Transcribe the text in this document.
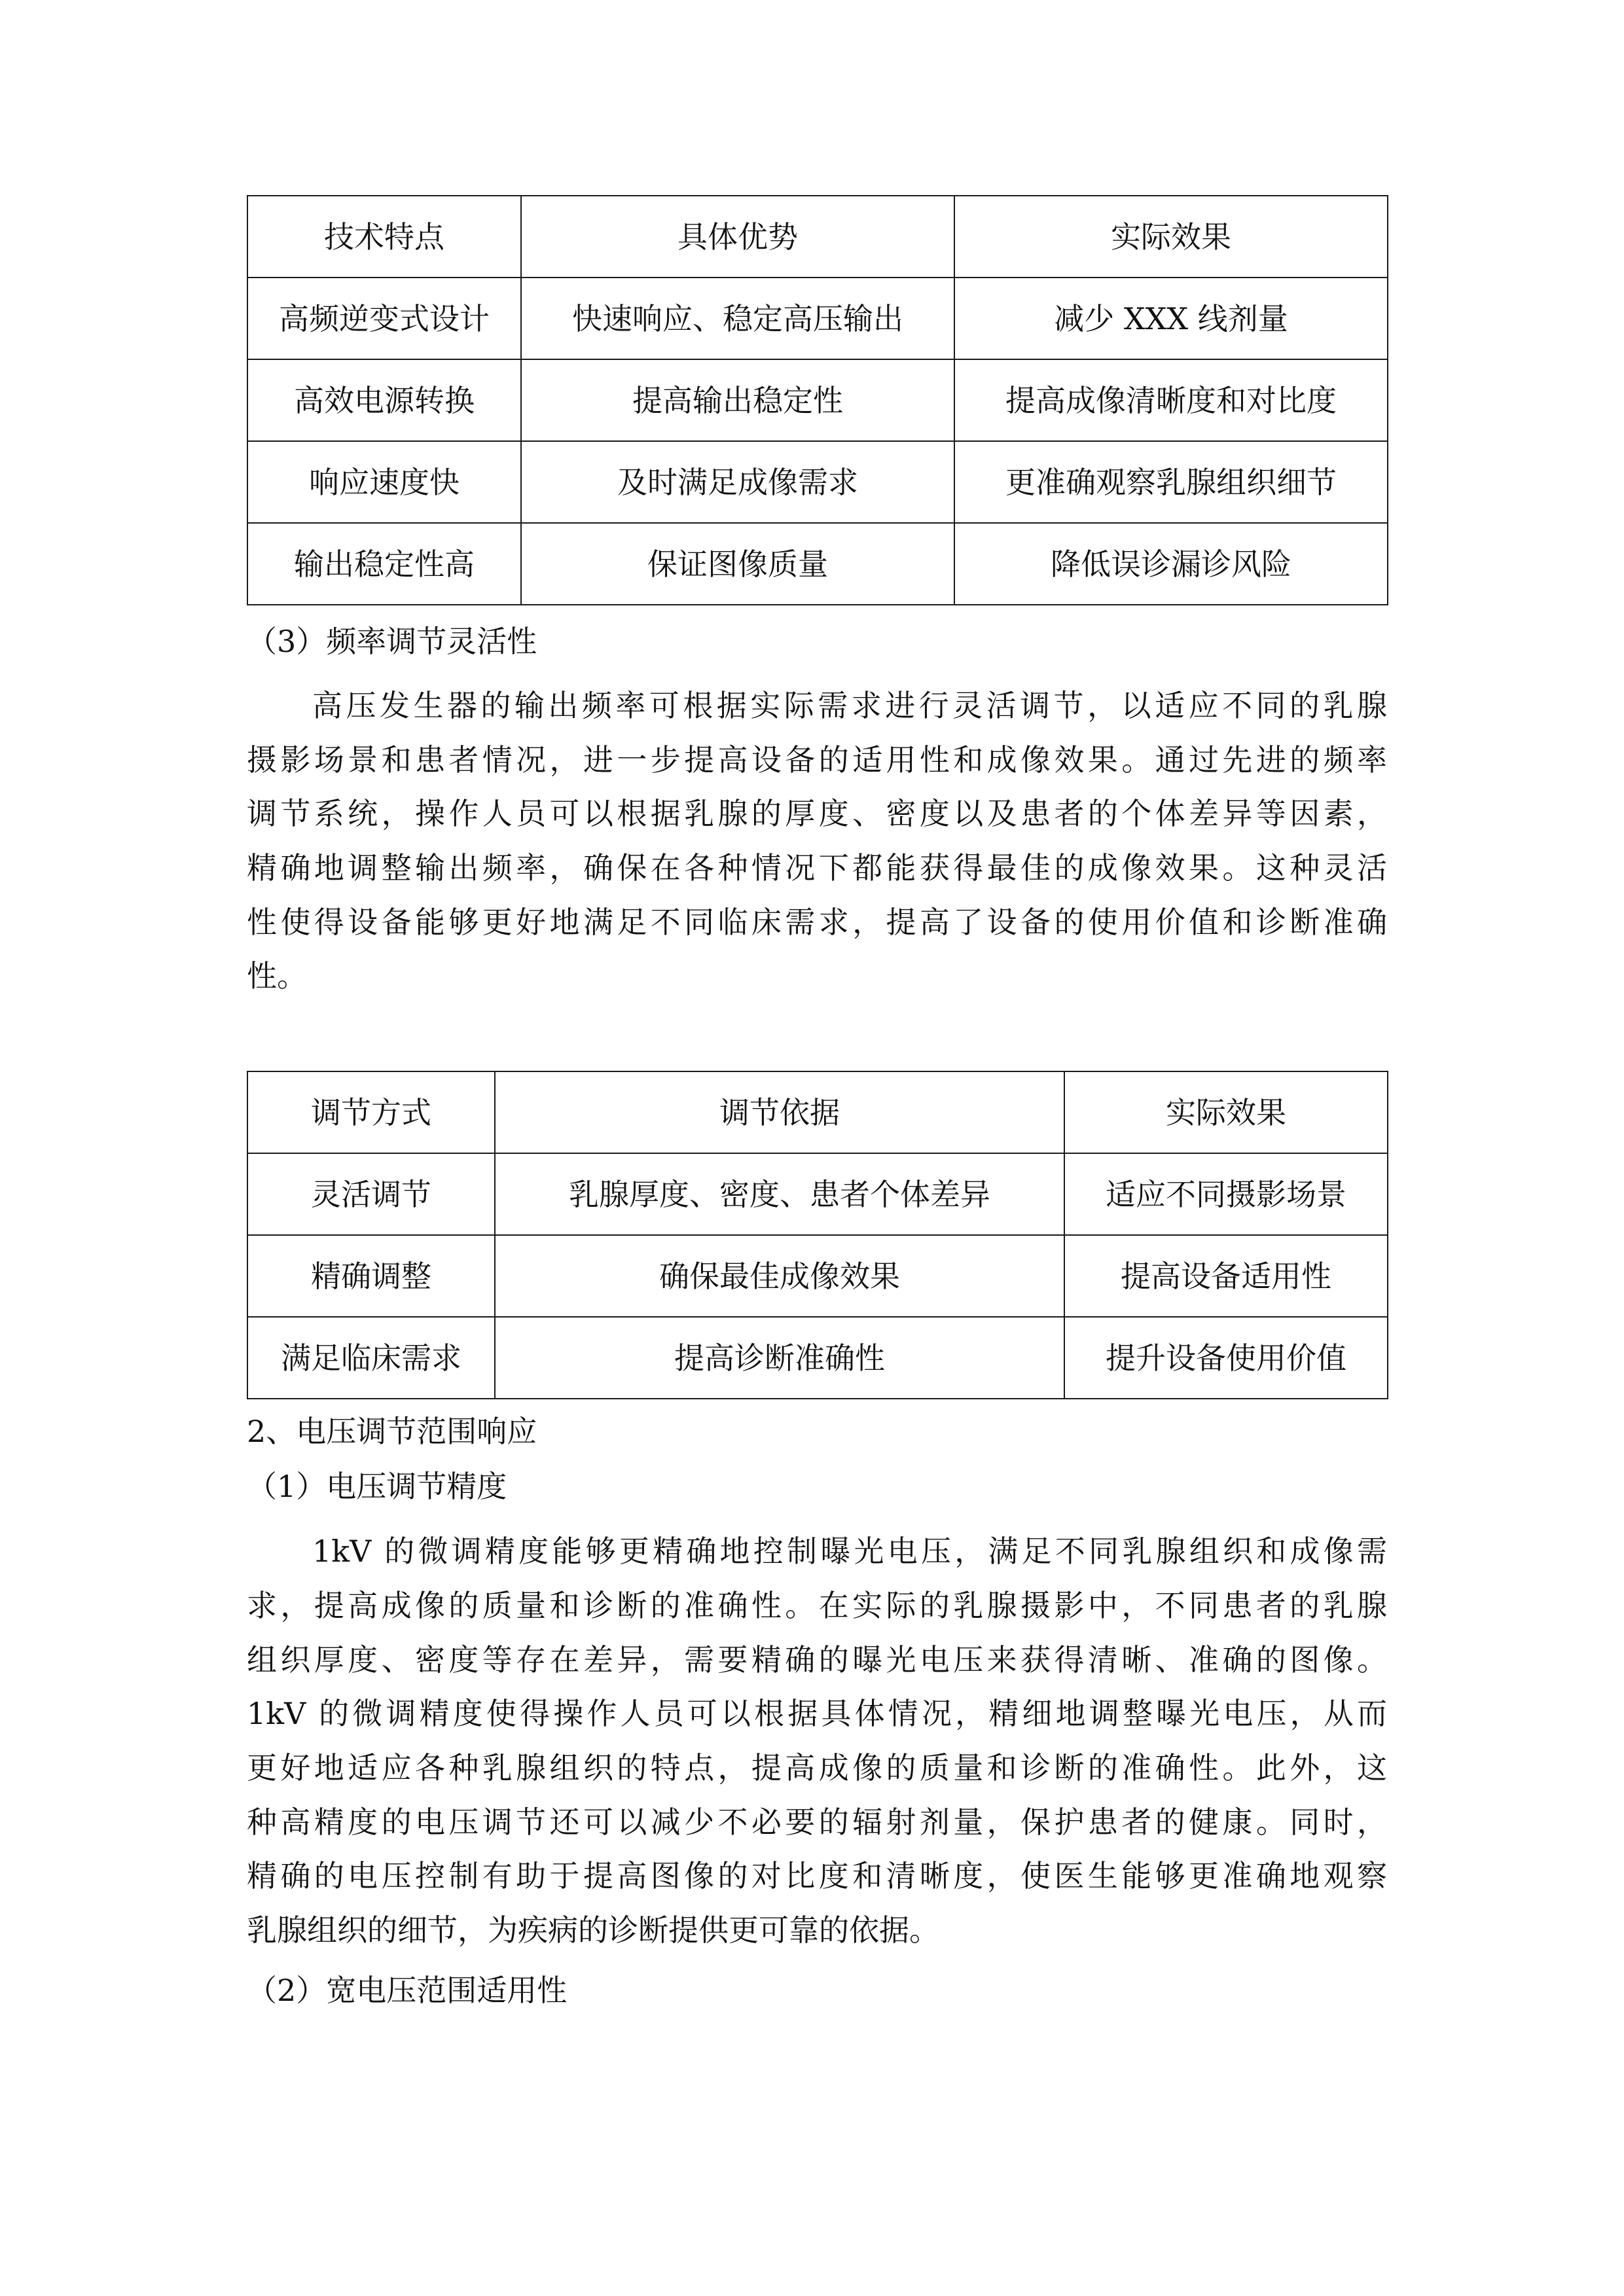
技术特点	具体优势	实际效果
高频逆变式设计	快速响应、稳定高压输出	减少 XXX 线剂量
高效电源转换	提高输出稳定性	提高成像清晰度和对比度
响应速度快	及时满足成像需求	更准确观察乳腺组织细节
输出稳定性高	保证图像质量	降低误诊漏诊风险
（3）频率调节灵活性
高压发生器的输出频率可根据实际需求进行灵活调节，以适应不同的乳腺
摄影场景和患者情况，进一步提高设备的适用性和成像效果。通过先进的频率
调节系统，操作人员可以根据乳腺的厚度、密度以及患者的个体差异等因素，
精确地调整输出频率，确保在各种情况下都能获得最佳的成像效果。这种灵活
性使得设备能够更好地满足不同临床需求，提高了设备的使用价值和诊断准确
性。
调节方式	调节依据	实际效果
灵活调节	乳腺厚度、密度、患者个体差异	适应不同摄影场景
精确调整	确保最佳成像效果	提高设备适用性
满足临床需求	提高诊断准确性	提升设备使用价值
2、电压调节范围响应
（1）电压调节精度
1kV 的微调精度能够更精确地控制曝光电压，满足不同乳腺组织和成像需
求，提高成像的质量和诊断的准确性。在实际的乳腺摄影中，不同患者的乳腺
组织厚度、密度等存在差异，需要精确的曝光电压来获得清晰、准确的图像。
1kV 的微调精度使得操作人员可以根据具体情况，精细地调整曝光电压，从而
更好地适应各种乳腺组织的特点，提高成像的质量和诊断的准确性。此外，这
种高精度的电压调节还可以减少不必要的辐射剂量，保护患者的健康。同时，
精确的电压控制有助于提高图像的对比度和清晰度，使医生能够更准确地观察
乳腺组织的细节，为疾病的诊断提供更可靠的依据。
（2）宽电压范围适用性
